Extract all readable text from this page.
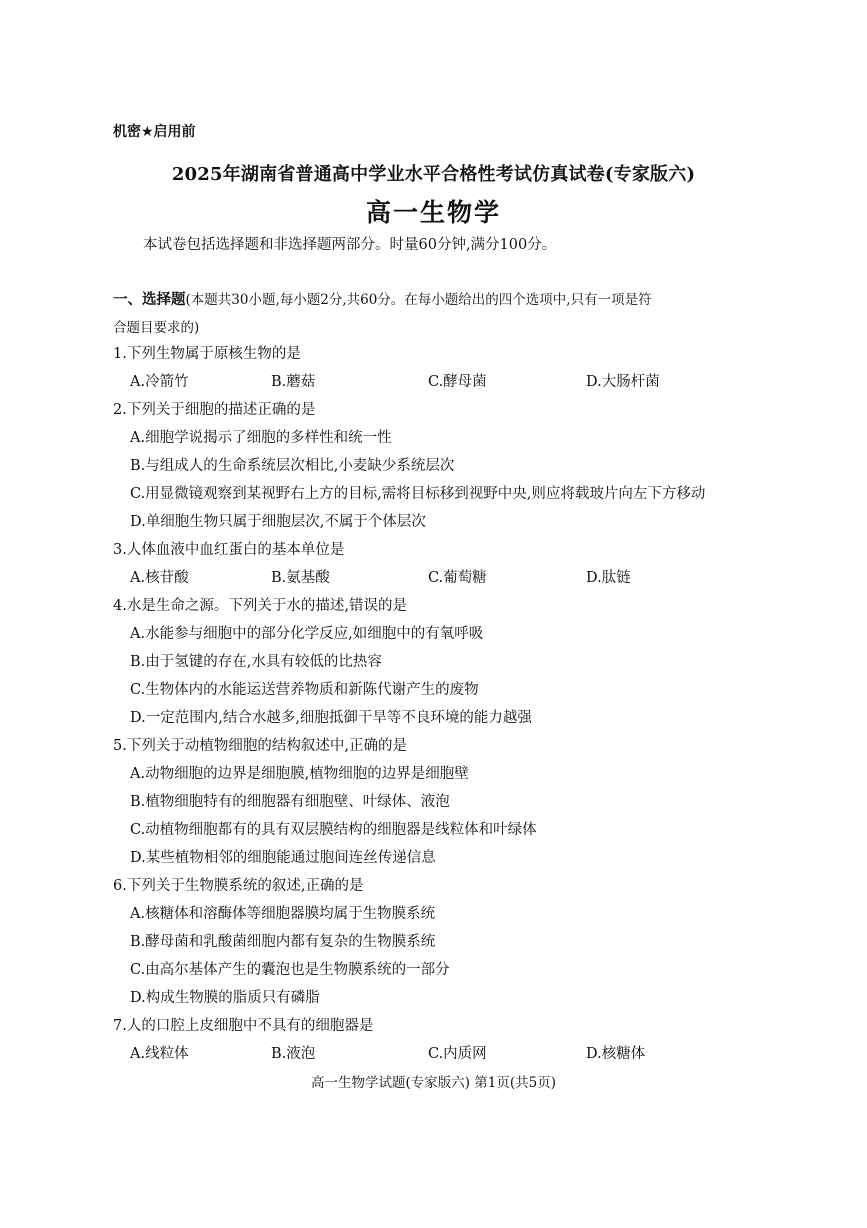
机密★启用前
2025年湖南省普通高中学业水平合格性考试仿真试卷(专家版六)
高一生物学
本试卷包括选择题和非选择题两部分。时量60分钟,满分100分。
一、选择题(本题共30小题,每小题2分,共60分。在每小题给出的四个选项中,只有一项是符
合题目要求的)
1.下列生物属于原核生物的是
A.冷箭竹	B.蘑菇	C.酵母菌	D.大肠杆菌
2.下列关于细胞的描述正确的是
A.细胞学说揭示了细胞的多样性和统一性
B.与组成人的生命系统层次相比,小麦缺少系统层次
C.用显微镜观察到某视野右上方的目标,需将目标移到视野中央,则应将载玻片向左下方移动
D.单细胞生物只属于细胞层次,不属于个体层次
3.人体血液中血红蛋白的基本单位是
A.核苷酸	B.氨基酸	C.葡萄糖	D.肽链
4.水是生命之源。下列关于水的描述,错误的是
A.水能参与细胞中的部分化学反应,如细胞中的有氧呼吸
B.由于氢键的存在,水具有较低的比热容
C.生物体内的水能运送营养物质和新陈代谢产生的废物
D.一定范围内,结合水越多,细胞抵御干旱等不良环境的能力越强
5.下列关于动植物细胞的结构叙述中,正确的是
A.动物细胞的边界是细胞膜,植物细胞的边界是细胞壁
B.植物细胞特有的细胞器有细胞壁、叶绿体、液泡
C.动植物细胞都有的具有双层膜结构的细胞器是线粒体和叶绿体
D.某些植物相邻的细胞能通过胞间连丝传递信息
6.下列关于生物膜系统的叙述,正确的是
A.核糖体和溶酶体等细胞器膜均属于生物膜系统
B.酵母菌和乳酸菌细胞内都有复杂的生物膜系统
C.由高尔基体产生的囊泡也是生物膜系统的一部分
D.构成生物膜的脂质只有磷脂
7.人的口腔上皮细胞中不具有的细胞器是
A.线粒体	B.液泡	C.内质网	D.核糖体
高一生物学试题(专家版六) 第1页(共5页)
